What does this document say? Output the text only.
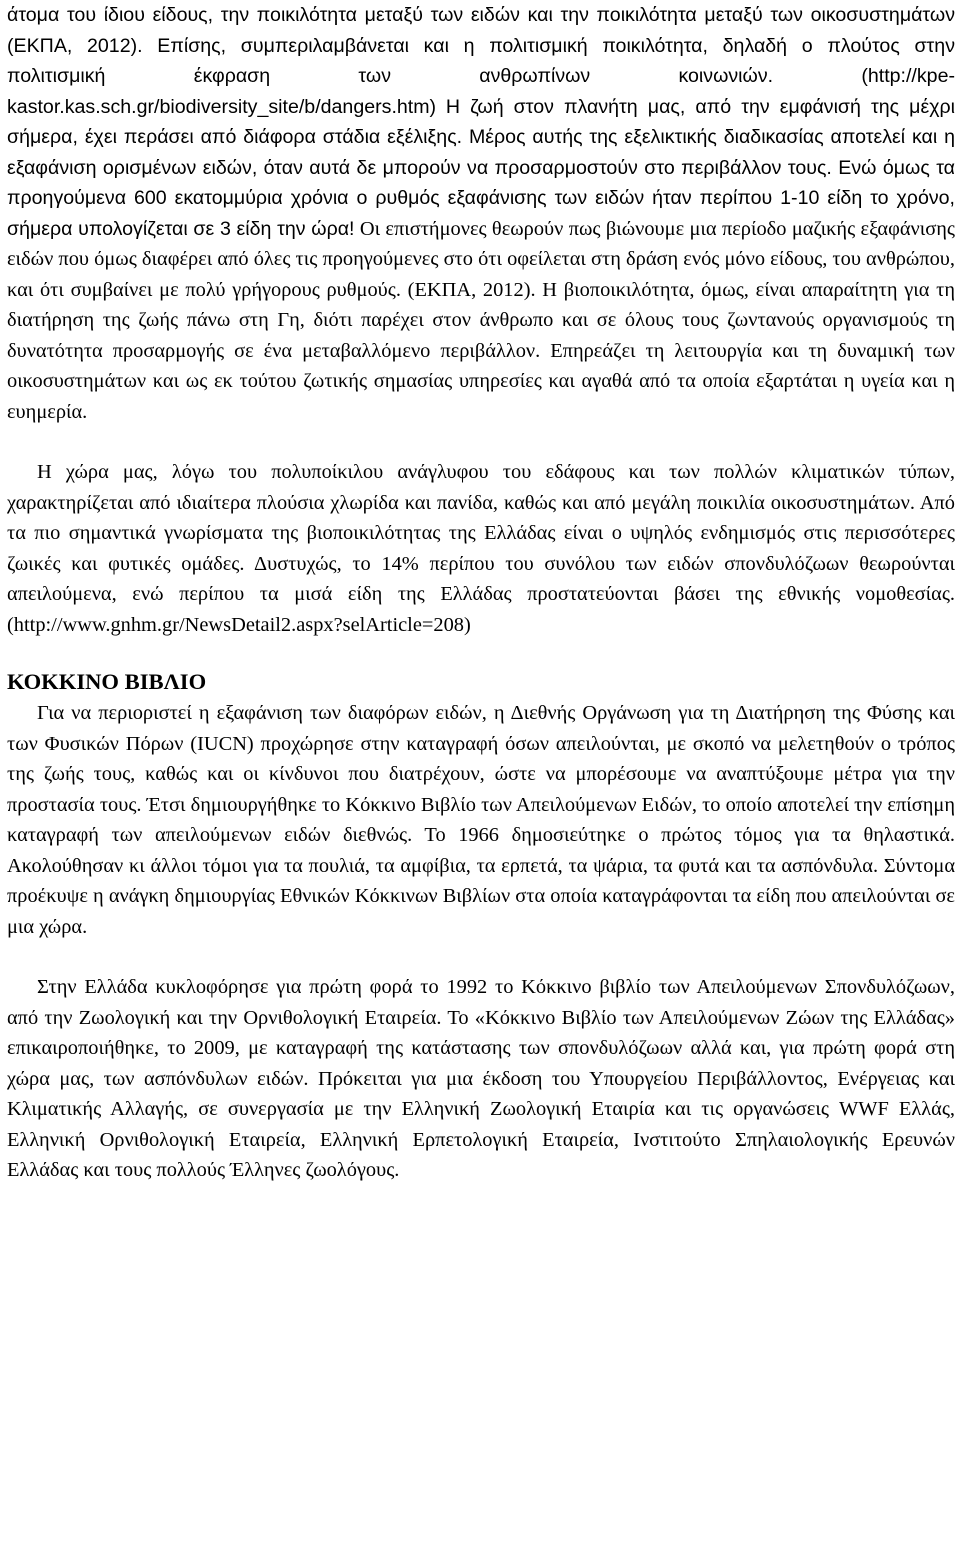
άτομα του ίδιου είδους, την ποικιλότητα μεταξύ των ειδών και την ποικιλότητα μεταξύ των οικοσυστημάτων (ΕΚΠΑ, 2012). Επίσης, συμπεριλαμβάνεται και η πολιτισμική ποικιλότητα, δηλαδή ο πλούτος στην πολιτισμική έκφραση των ανθρωπίνων κοινωνιών. (http://kpe-kastor.kas.sch.gr/biodiversity_site/b/dangers.htm) Η ζωή στον πλανήτη μας, από την εμφάνισή της μέχρι σήμερα, έχει περάσει από διάφορα στάδια εξέλιξης. Μέρος αυτής της εξελικτικής διαδικασίας αποτελεί και η εξαφάνιση ορισμένων ειδών, όταν αυτά δε μπορούν να προσαρμοστούν στο περιβάλλον τους. Ενώ όμως τα προηγούμενα 600 εκατομμύρια χρόνια ο ρυθμός εξαφάνισης των ειδών ήταν περίπου 1-10 είδη το χρόνο, σήμερα υπολογίζεται σε 3 είδη την ώρα! Οι επιστήμονες θεωρούν πως βιώνουμε μια περίοδο μαζικής εξαφάνισης ειδών που όμως διαφέρει από όλες τις προηγούμενες στο ότι οφείλεται στη δράση ενός μόνο είδους, του ανθρώπου, και ότι συμβαίνει με πολύ γρήγορους ρυθμούς. (ΕΚΠΑ, 2012). Η βιοποικιλότητα, όμως, είναι απαραίτητη για τη διατήρηση της ζωής πάνω στη Γη, διότι παρέχει στον άνθρωπο και σε όλους τους ζωντανούς οργανισμούς τη δυνατότητα προσαρμογής σε ένα μεταβαλλόμενο περιβάλλον. Επηρεάζει τη λειτουργία και τη δυναμική των οικοσυστημάτων και ως εκ τούτου ζωτικής σημασίας υπηρεσίες και αγαθά από τα οποία εξαρτάται η υγεία και η ευημερία.

Η χώρα μας, λόγω του πολυποίκιλου ανάγλυφου του εδάφους και των πολλών κλιματικών τύπων, χαρακτηρίζεται από ιδιαίτερα πλούσια χλωρίδα και πανίδα, καθώς και από μεγάλη ποικιλία οικοσυστημάτων. Από τα πιο σημαντικά γνωρίσματα της βιοποικιλότητας της Ελλάδας είναι ο υψηλός ενδημισμός στις περισσότερες ζωικές και φυτικές ομάδες. Δυστυχώς, το 14% περίπου του συνόλου των ειδών σπονδυλόζωων θεωρούνται απειλούμενα, ενώ περίπου τα μισά είδη της Ελλάδας προστατεύονται βάσει της εθνικής νομοθεσίας. (http://www.gnhm.gr/NewsDetail2.aspx?selArticle=208)

ΚΟΚΚΙΝΟ ΒΙΒΛΙΟ

Για να περιοριστεί η εξαφάνιση των διαφόρων ειδών, η Διεθνής Οργάνωση για τη Διατήρηση της Φύσης και των Φυσικών Πόρων (IUCN) προχώρησε στην καταγραφή όσων απειλούνται, με σκοπό να μελετηθούν ο τρόπος της ζωής τους, καθώς και οι κίνδυνοι που διατρέχουν, ώστε να μπορέσουμε να αναπτύξουμε μέτρα για την προστασία τους. Έτσι δημιουργήθηκε το Κόκκινο Βιβλίο των Απειλούμενων Ειδών, το οποίο αποτελεί την επίσημη καταγραφή των απειλούμενων ειδών διεθνώς. Το 1966 δημοσιεύτηκε ο πρώτος τόμος για τα θηλαστικά. Ακολούθησαν κι άλλοι τόμοι για τα πουλιά, τα αμφίβια, τα ερπετά, τα ψάρια, τα φυτά και τα ασπόνδυλα. Σύντομα προέκυψε η ανάγκη δημιουργίας Εθνικών Κόκκινων Βιβλίων στα οποία καταγράφονται τα είδη που απειλούνται σε μια χώρα.

Στην Ελλάδα κυκλοφόρησε για πρώτη φορά το 1992 το Κόκκινο βιβλίο των Απειλούμενων Σπονδυλόζωων, από την Ζωολογική και την Ορνιθολογική Εταιρεία. Το «Κόκκινο Βιβλίο των Απειλούμενων Ζώων της Ελλάδας» επικαιροποιήθηκε, το 2009, με καταγραφή της κατάστασης των σπονδυλόζωων αλλά και, για πρώτη φορά στη χώρα μας, των ασπόνδυλων ειδών. Πρόκειται για μια έκδοση του Υπουργείου Περιβάλλοντος, Ενέργειας και Κλιματικής Αλλαγής, σε συνεργασία με την Ελληνική Ζωολογική Εταιρία και τις οργανώσεις WWF Ελλάς, Ελληνική Ορνιθολογική Εταιρεία, Ελληνική Ερπετολογική Εταιρεία, Ινστιτούτο Σπηλαιολογικής Ερευνών Ελλάδας και τους πολλούς Έλληνες ζωολόγους.
